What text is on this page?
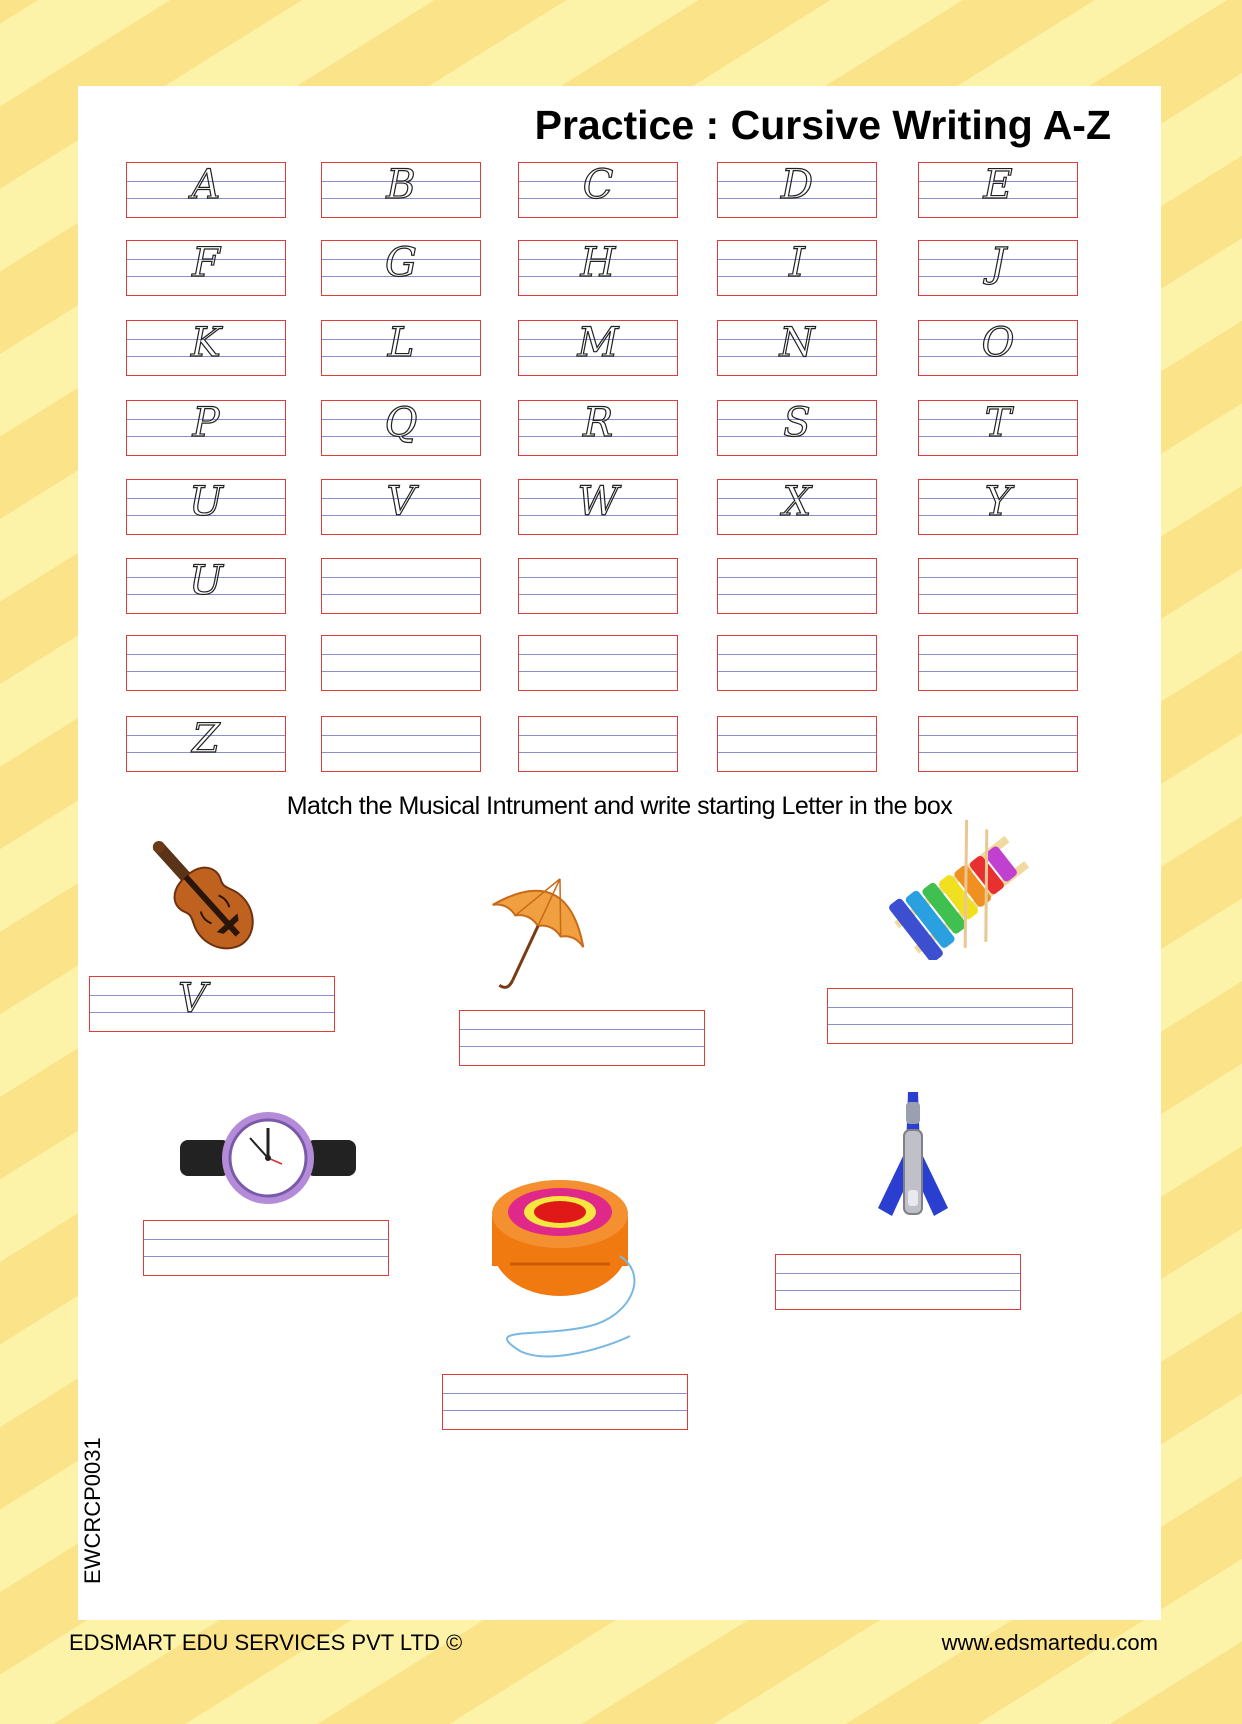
Practice : Cursive Writing A-Z
Match the Musical Intrument and write starting Letter in the box
EWCRCP0031
A	B	C	D	E
F	G	H	I	J
K	L	M	N	O
P	Q	R	S	T
U	V	W	X	Y
U
Z
V
EDSMART EDU SERVICES PVT LTD ©	www.edsmartedu.com
